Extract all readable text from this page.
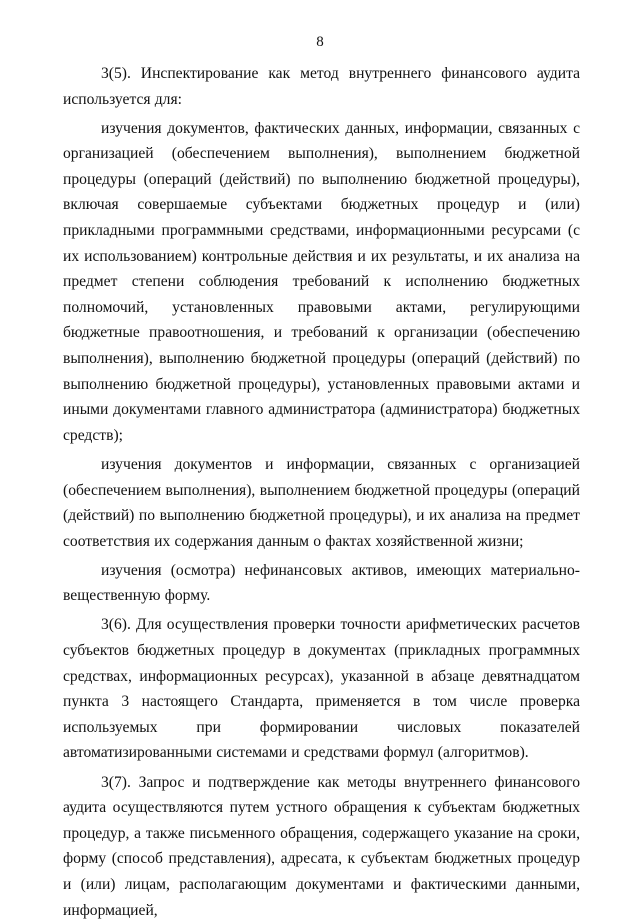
8

3(5). Инспектирование как метод внутреннего финансового аудита используется для:

изучения документов, фактических данных, информации, связанных с организацией (обеспечением выполнения), выполнением бюджетной процедуры (операций (действий) по выполнению бюджетной процедуры), включая совершаемые субъектами бюджетных процедур и (или) прикладными программными средствами, информационными ресурсами (с их использованием) контрольные действия и их результаты, и их анализа на предмет степени соблюдения требований к исполнению бюджетных полномочий, установленных правовыми актами, регулирующими бюджетные правоотношения, и требований к организации (обеспечению выполнения), выполнению бюджетной процедуры (операций (действий) по выполнению бюджетной процедуры), установленных правовыми актами и иными документами главного администратора (администратора) бюджетных средств);

изучения документов и информации, связанных с организацией (обеспечением выполнения), выполнением бюджетной процедуры (операций (действий) по выполнению бюджетной процедуры), и их анализа на предмет соответствия их содержания данным о фактах хозяйственной жизни;

изучения (осмотра) нефинансовых активов, имеющих материально-вещественную форму.

3(6). Для осуществления проверки точности арифметических расчетов субъектов бюджетных процедур в документах (прикладных программных средствах, информационных ресурсах), указанной в абзаце девятнадцатом пункта 3 настоящего Стандарта, применяется в том числе проверка используемых при формировании числовых показателей автоматизированными системами и средствами формул (алгоритмов).

3(7). Запрос и подтверждение как методы внутреннего финансового аудита осуществляются путем устного обращения к субъектам бюджетных процедур, а также письменного обращения, содержащего указание на сроки, форму (способ представления), адресата, к субъектам бюджетных процедур и (или) лицам, располагающим документами и фактическими данными, информацией,
